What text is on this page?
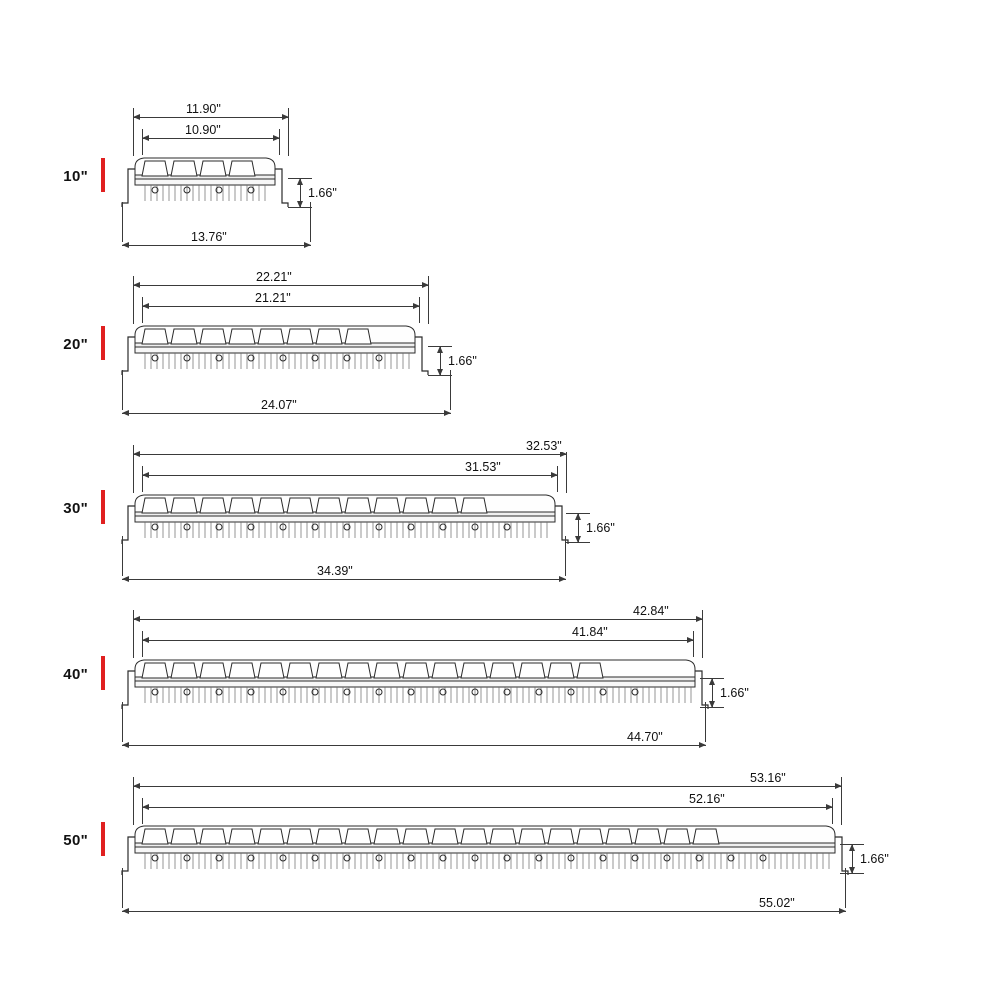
10"
11.90"
10.90"
1.66"
13.76"
20"
22.21"
21.21"
1.66"
24.07"
30"
32.53"
31.53"
1.66"
34.39"
40"
42.84"
41.84"
1.66"
44.70"
50"
53.16"
52.16"
1.66"
55.02"
